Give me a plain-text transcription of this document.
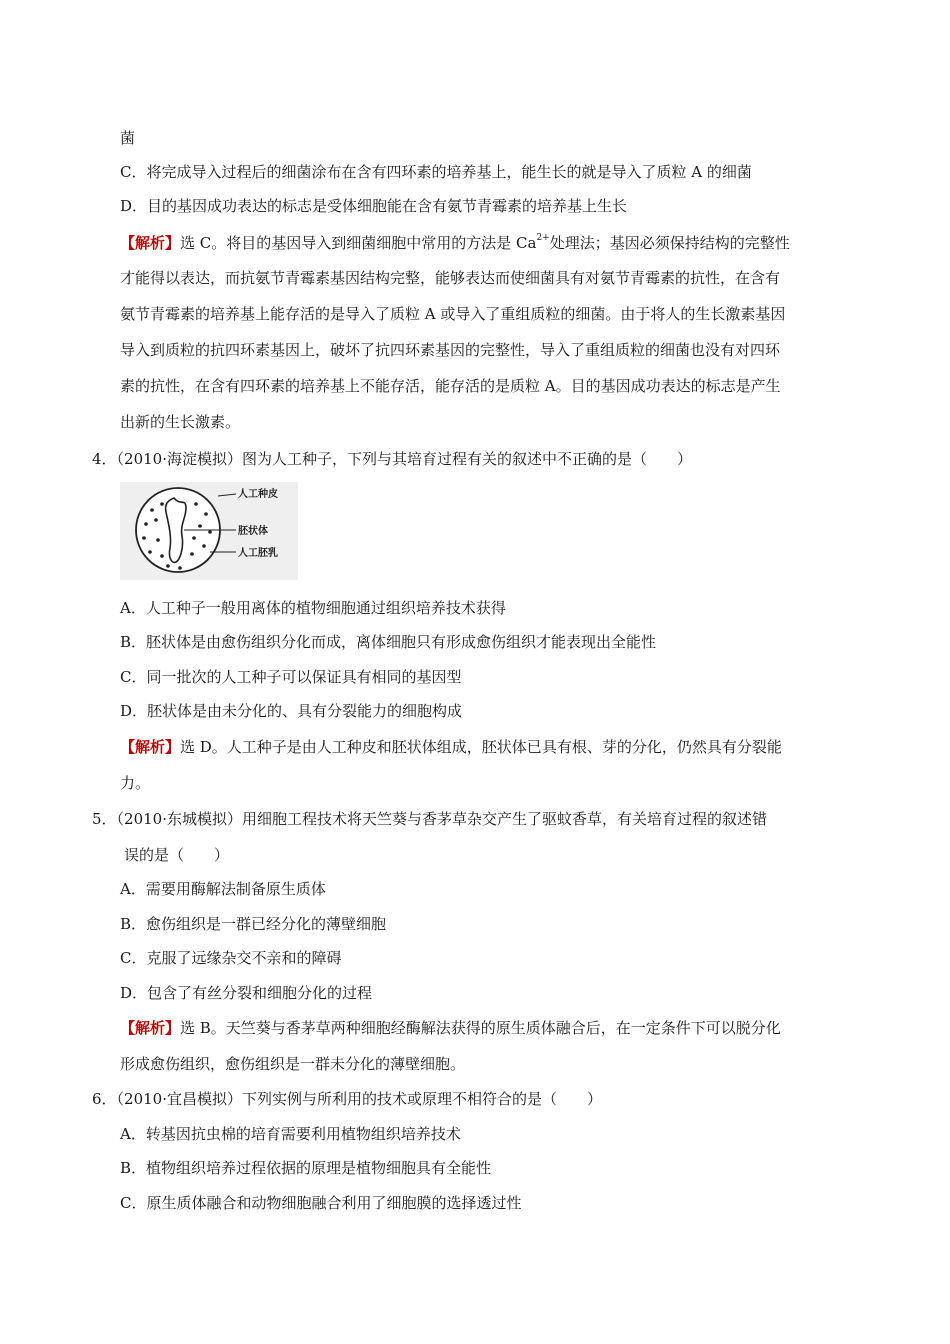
菌
C．将完成导入过程后的细菌涂布在含有四环素的培养基上，能生长的就是导入了质粒 A 的细菌
D．目的基因成功表达的标志是受体细胞能在含有氨节青霉素的培养基上生长
【解析】选 C。将目的基因导入到细菌细胞中常用的方法是 $Ca^{2+}$处理法；基因必须保持结构的完整性
才能得以表达，而抗氨节青霉素基因结构完整，能够表达而使细菌具有对氨节青霉素的抗性，在含有
氨节青霉素的培养基上能存活的是导入了质粒 A 或导入了重组质粒的细菌。由于将人的生长激素基因
导入到质粒的抗四环素基因上，破坏了抗四环素基因的完整性，导入了重组质粒的细菌也没有对四环
素的抗性，在含有四环素的培养基上不能存活，能存活的是质粒 A。目的基因成功表达的标志是产生
出新的生长激素。
4．（2010·海淀模拟）图为人工种子，下列与其培育过程有关的叙述中不正确的是（　　）
人工种皮
胚状体
人工胚乳
A．人工种子一般用离体的植物细胞通过组织培养技术获得
B．胚状体是由愈伤组织分化而成，离体细胞只有形成愈伤组织才能表现出全能性
C．同一批次的人工种子可以保证具有相同的基因型
D．胚状体是由未分化的、具有分裂能力的细胞构成
【解析】选 D。人工种子是由人工种皮和胚状体组成，胚状体已具有根、芽的分化，仍然具有分裂能
力。
5．（2010·东城模拟）用细胞工程技术将天竺葵与香茅草杂交产生了驱蚊香草，有关培育过程的叙述错
误的是（　　）
A．需要用酶解法制备原生质体
B．愈伤组织是一群已经分化的薄壁细胞
C．克服了远缘杂交不亲和的障碍
D．包含了有丝分裂和细胞分化的过程
【解析】选 B。天竺葵与香茅草两种细胞经酶解法获得的原生质体融合后，在一定条件下可以脱分化
形成愈伤组织，愈伤组织是一群未分化的薄壁细胞。
6．（2010·宜昌模拟）下列实例与所利用的技术或原理不相符合的是（　　）
A．转基因抗虫棉的培育需要利用植物组织培养技术
B．植物组织培养过程依据的原理是植物细胞具有全能性
C．原生质体融合和动物细胞融合利用了细胞膜的选择透过性
